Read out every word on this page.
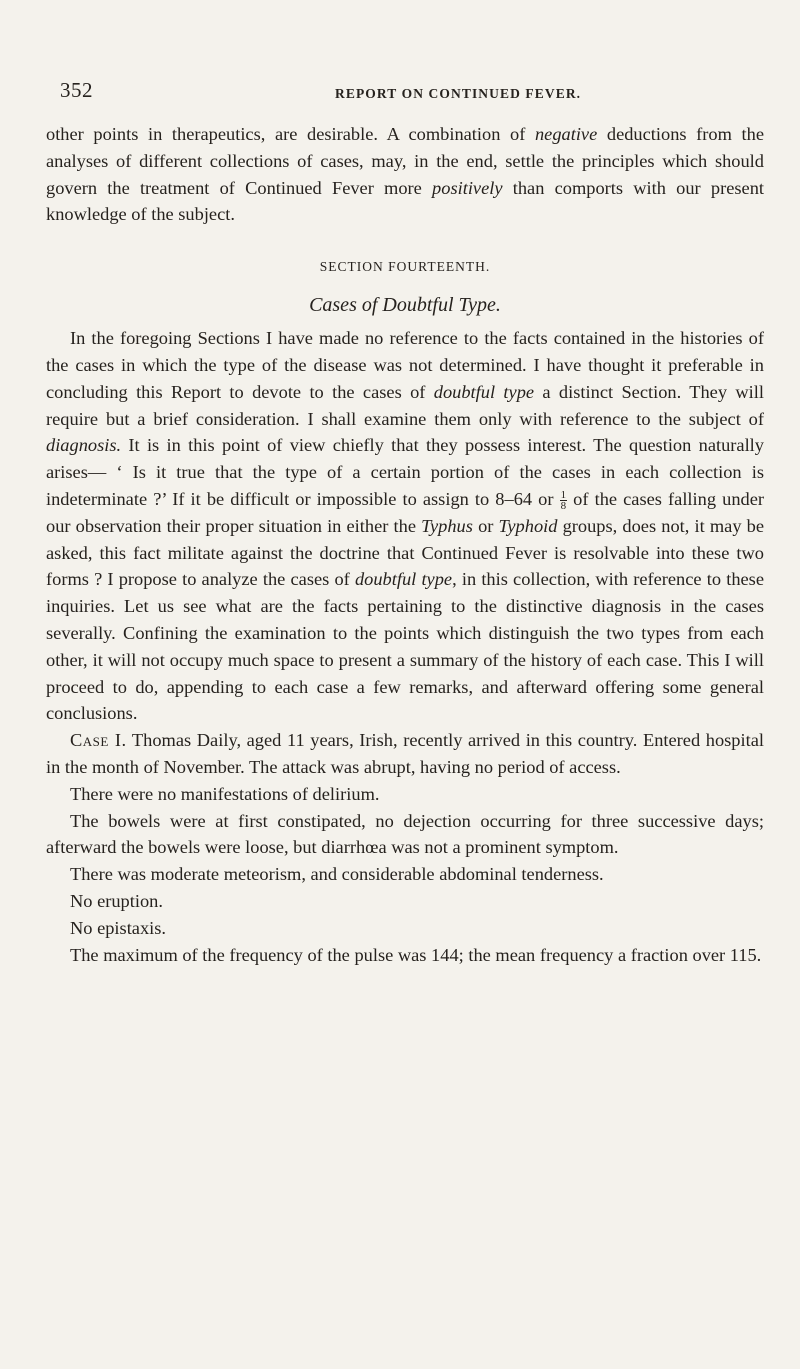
352	REPORT ON CONTINUED FEVER.

other points in therapeutics, are desirable. A combination of negative deductions from the analyses of different collections of cases, may, in the end, settle the principles which should govern the treatment of Continued Fever more positively than comports with our present knowledge of the subject.

SECTION FOURTEENTH.
Cases of Doubtful Type.

In the foregoing Sections I have made no reference to the facts contained in the histories of the cases in which the type of the disease was not determined. I have thought it preferable in concluding this Report to devote to the cases of doubtful type a distinct Section. They will require but a brief consideration. I shall examine them only with reference to the subject of diagnosis. It is in this point of view chiefly that they possess interest. The question naturally arises— ‘ Is it true that the type of a certain portion of the cases in each collection is indeterminate ?’ If it be difficult or impossible to assign to 8–64 or $\frac{1}{8}$ of the cases falling under our observation their proper situation in either the Typhus or Typhoid groups, does not, it may be asked, this fact militate against the doctrine that Continued Fever is resolvable into these two forms ? I propose to analyze the cases of doubtful type, in this collection, with reference to these inquiries. Let us see what are the facts pertaining to the distinctive diagnosis in the cases severally. Confining the examination to the points which distinguish the two types from each other, it will not occupy much space to present a summary of the history of each case. This I will proceed to do, appending to each case a few remarks, and afterward offering some general conclusions.

Case I. Thomas Daily, aged 11 years, Irish, recently arrived in this country. Entered hospital in the month of November. The attack was abrupt, having no period of access.

There were no manifestations of delirium.

The bowels were at first constipated, no dejection occurring for three successive days; afterward the bowels were loose, but diarrhœa was not a prominent symptom.

There was moderate meteorism, and considerable abdominal tenderness.

No eruption.

No epistaxis.

The maximum of the frequency of the pulse was 144; the mean frequency a fraction over 115.
